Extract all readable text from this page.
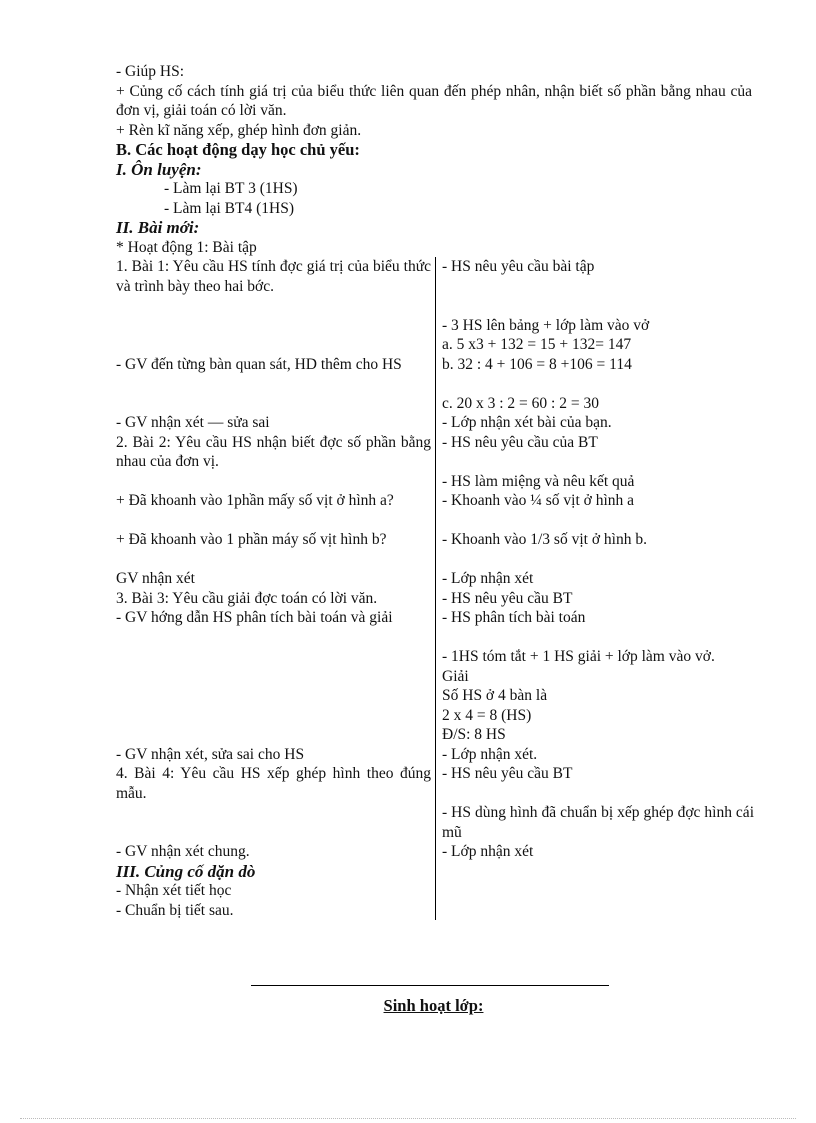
- Giúp HS:
+ Củng cố cách tính giá trị của biểu thức liên quan đến phép nhân, nhận biết số phần bằng nhau của đơn vị, giải toán có lời văn.
+ Rèn kĩ năng xếp, ghép hình đơn giản.
B. Các hoạt động dạy học chủ yếu:
I. Ôn luyện:
- Làm lại BT 3 (1HS)
- Làm lại BT4 (1HS)
II. Bài mới:
* Hoạt động 1: Bài tập
1. Bài 1: Yêu cầu HS tính đợc giá trị của biểu thức và trình bày theo hai bớc.	- HS nêu yêu cầu bài tập

	- 3 HS lên bảng + lớp làm vào vở
a. 5 x3 + 132 = 15 + 132= 147

- GV đến từng bàn quan sát, HD thêm cho HS	b. 32 : 4 + 106 = 8 +106 = 114

	c. 20 x 3 : 2 = 60 : 2 = 30

- GV nhận xét — sửa sai	- Lớp nhận xét bài của bạn.

2. Bài 2: Yêu cầu HS nhận biết đợc số phần bằng nhau của đơn vị.	- HS nêu yêu cầu của BT

	- HS làm miệng và nêu kết quả

+ Đã khoanh vào 1phần mấy số vịt ở hình a?	- Khoanh vào ¼ số vịt ở hình a

+ Đã khoanh vào 1 phần máy số vịt hình b?	- Khoanh vào 1/3 số vịt ở hình b.

GV nhận xét	- Lớp nhận xét

3. Bài 3: Yêu cầu giải đợc toán có lời văn.	- HS nêu yêu cầu BT

- GV hớng dẫn HS phân tích bài toán và giải	- HS phân tích bài toán

	- 1HS tóm tắt + 1 HS giải + lớp làm vào vở.
Giải
Số HS ở 4 bàn là
2 x 4 = 8 (HS)
Đ/S: 8 HS

- GV nhận xét, sửa sai cho HS	- Lớp nhận xét.

4. Bài 4: Yêu cầu HS xếp ghép hình theo đúng mẫu.	- HS nêu yêu cầu BT

	- HS dùng hình đã chuẩn bị xếp ghép đợc hình cái mũ

- GV nhận xét chung.	- Lớp nhận xét

III. Củng cố dặn dò
- Nhận xét tiết học
- Chuẩn bị tiết sau.	

Sinh hoạt lớp:
